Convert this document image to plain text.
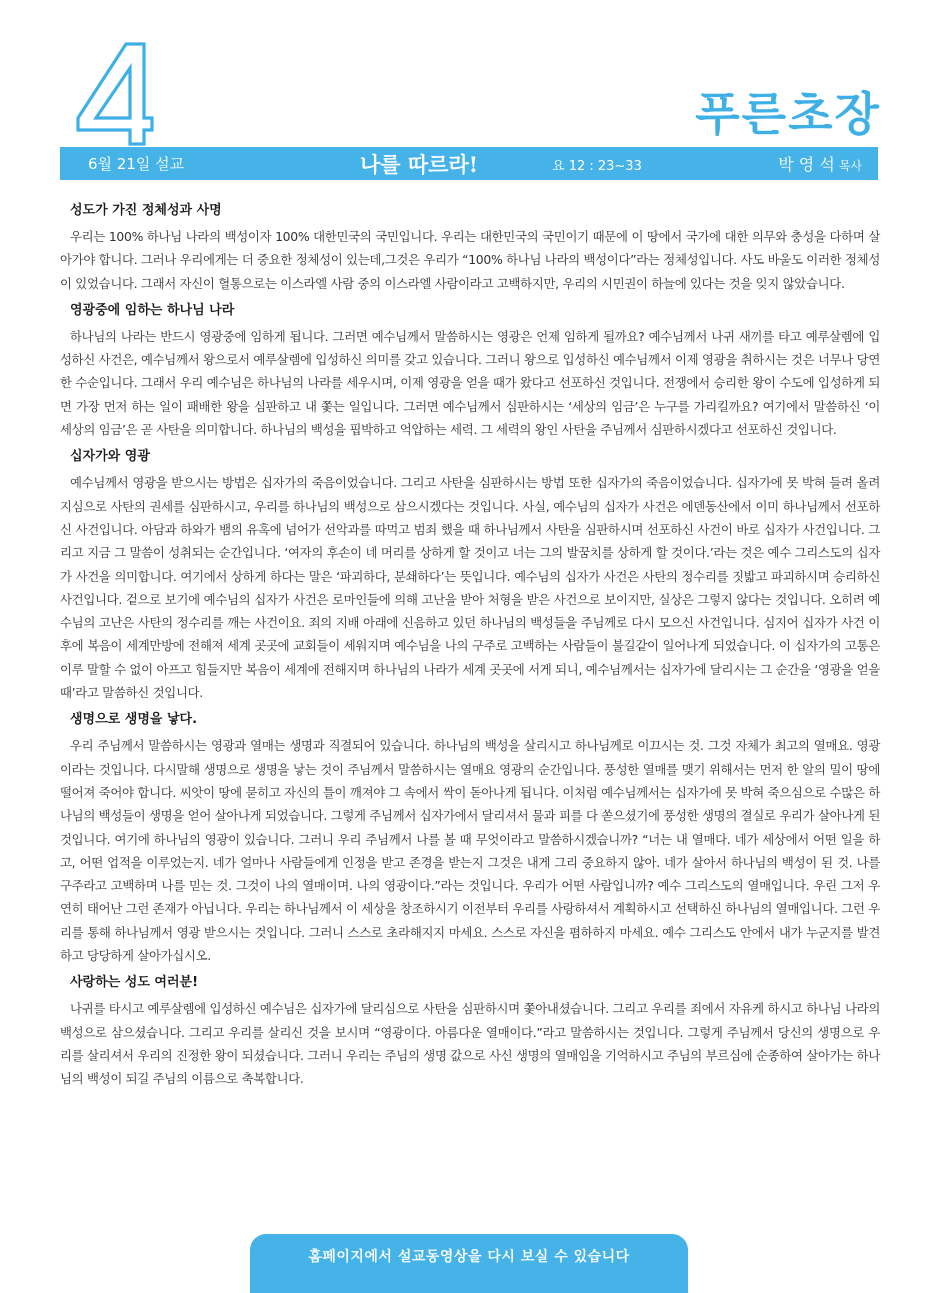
푸른초장
6월 21일 설교	나를 따르라!	요 12 : 23~33	박 영 석 목사
성도가 가진 정체성과 사명
우리는 100% 하나님 나라의 백성이자 100% 대한민국의 국민입니다. 우리는 대한민국의 국민이기 때문에 이 땅에서 국가에 대한 의무와 충성을 다하며 살아가야 합니다. 그러나 우리에게는 더 중요한 정체성이 있는데,그것은 우리가 “100% 하나님 나라의 백성이다”라는 정체성입니다. 사도 바울도 이러한 정체성이 있었습니다. 그래서 자신이 혈통으로는 이스라엘 사람 중의 이스라엘 사람이라고 고백하지만, 우리의 시민권이 하늘에 있다는 것을 잊지 않았습니다.
영광중에 임하는 하나님 나라
하나님의 나라는 반드시 영광중에 임하게 됩니다. 그러면 예수님께서 말씀하시는 영광은 언제 임하게 될까요? 예수님께서 나귀 새끼를 타고 예루살렘에 입성하신 사건은, 예수님께서 왕으로서 예루살렘에 입성하신 의미를 갖고 있습니다. 그러니 왕으로 입성하신 예수님께서 이제 영광을 취하시는 것은 너무나 당연한 수순입니다. 그래서 우리 예수님은 하나님의 나라를 세우시며, 이제 영광을 얻을 때가 왔다고 선포하신 것입니다. 전쟁에서 승리한 왕이 수도에 입성하게 되면 가장 먼저 하는 일이 패배한 왕을 심판하고 내 쫓는 일입니다. 그러면 예수님께서 심판하시는 ‘세상의 임금’은 누구를 가리킬까요? 여기에서 말씀하신 ‘이 세상의 임금’은 곧 사탄을 의미합니다. 하나님의 백성을 핍박하고 억압하는 세력. 그 세력의 왕인 사탄을 주님께서 심판하시겠다고 선포하신 것입니다.
십자가와 영광
예수님께서 영광을 받으시는 방법은 십자가의 죽음이었습니다. 그리고 사탄을 심판하시는 방법 또한 십자가의 죽음이었습니다. 십자가에 못 박혀 들려 올려 지심으로 사탄의 권세를 심판하시고, 우리를 하나님의 백성으로 삼으시겠다는 것입니다. 사실, 예수님의 십자가 사건은 에덴동산에서 이미 하나님께서 선포하신 사건입니다. 아담과 하와가 뱀의 유혹에 넘어가 선악과를 따먹고 범죄 했을 때 하나님께서 사탄을 심판하시며 선포하신 사건이 바로 십자가 사건입니다. 그리고 지금 그 말씀이 성취되는 순간입니다. ‘여자의 후손이 네 머리를 상하게 할 것이고 너는 그의 발꿈치를 상하게 할 것이다.’라는 것은 예수 그리스도의 십자가 사건을 의미합니다. 여기에서 상하게 하다는 말은 ‘파괴하다, 분쇄하다’는 뜻입니다. 예수님의 십자가 사건은 사탄의 정수리를 짓밟고 파괴하시며 승리하신 사건입니다. 겉으로 보기에 예수님의 십자가 사건은 로마인들에 의해 고난을 받아 처형을 받은 사건으로 보이지만, 실상은 그렇지 않다는 것입니다. 오히려 예수님의 고난은 사탄의 정수리를 깨는 사건이요. 죄의 지배 아래에 신음하고 있던 하나님의 백성들을 주님께로 다시 모으신 사건입니다. 심지어 십자가 사건 이후에 복음이 세계만방에 전해져 세계 곳곳에 교회들이 세워지며 예수님을 나의 구주로 고백하는 사람들이 불길같이 일어나게 되었습니다. 이 십자가의 고통은 이루 말할 수 없이 아프고 힘들지만 복음이 세계에 전해지며 하나님의 나라가 세계 곳곳에 서게 되니, 예수님께서는 십자가에 달리시는 그 순간을 ‘영광을 얻을 때’라고 말씀하신 것입니다.
생명으로 생명을 낳다.
우리 주님께서 말씀하시는 영광과 열매는 생명과 직결되어 있습니다. 하나님의 백성을 살리시고 하나님께로 이끄시는 것. 그것 자체가 최고의 열매요. 영광이라는 것입니다. 다시말해 생명으로 생명을 낳는 것이 주님께서 말씀하시는 열매요 영광의 순간입니다. 풍성한 열매를 맺기 위해서는 먼저 한 알의 밀이 땅에 떨어져 죽어야 합니다. 씨앗이 땅에 묻히고 자신의 틀이 깨져야 그 속에서 싹이 돋아나게 됩니다. 이처럼 예수님께서는 십자가에 못 박혀 죽으심으로 수많은 하나님의 백성들이 생명을 얻어 살아나게 되었습니다. 그렇게 주님께서 십자가에서 달리셔서 물과 피를 다 쏟으셨기에 풍성한 생명의 결실로 우리가 살아나게 된 것입니다. 여기에 하나님의 영광이 있습니다. 그러니 우리 주님께서 나를 볼 때 무엇이라고 말씀하시겠습니까? “너는 내 열매다. 네가 세상에서 어떤 일을 하고, 어떤 업적을 이루었는지. 네가 얼마나 사람들에게 인정을 받고 존경을 받는지 그것은 내게 그리 중요하지 않아. 네가 살아서 하나님의 백성이 된 것. 나를 구주라고 고백하며 나를 믿는 것. 그것이 나의 열매이며. 나의 영광이다.”라는 것입니다. 우리가 어떤 사람입니까? 예수 그리스도의 열매입니다. 우린 그저 우연히 태어난 그런 존재가 아닙니다. 우리는 하나님께서 이 세상을 창조하시기 이전부터 우리를 사랑하셔서 계획하시고 선택하신 하나님의 열매입니다. 그런 우리를 통해 하나님께서 영광 받으시는 것입니다. 그러니 스스로 초라해지지 마세요. 스스로 자신을 폄하하지 마세요. 예수 그리스도 안에서 내가 누군지를 발견하고 당당하게 살아가십시오.
사랑하는 성도 여러분!
나귀를 타시고 예루살렘에 입성하신 예수님은 십자가에 달리심으로 사탄을 심판하시며 쫓아내셨습니다. 그리고 우리를 죄에서 자유케 하시고 하나님 나라의 백성으로 삼으셨습니다. 그리고 우리를 살리신 것을 보시며 “영광이다. 아름다운 열매이다.”라고 말씀하시는 것입니다. 그렇게 주님께서 당신의 생명으로 우리를 살리셔서 우리의 진정한 왕이 되셨습니다. 그러니 우리는 주님의 생명 값으로 사신 생명의 열매임을 기억하시고 주님의 부르심에 순종하여 살아가는 하나님의 백성이 되길 주님의 이름으로 축복합니다.
홈페이지에서 설교동영상을 다시 보실 수 있습니다
